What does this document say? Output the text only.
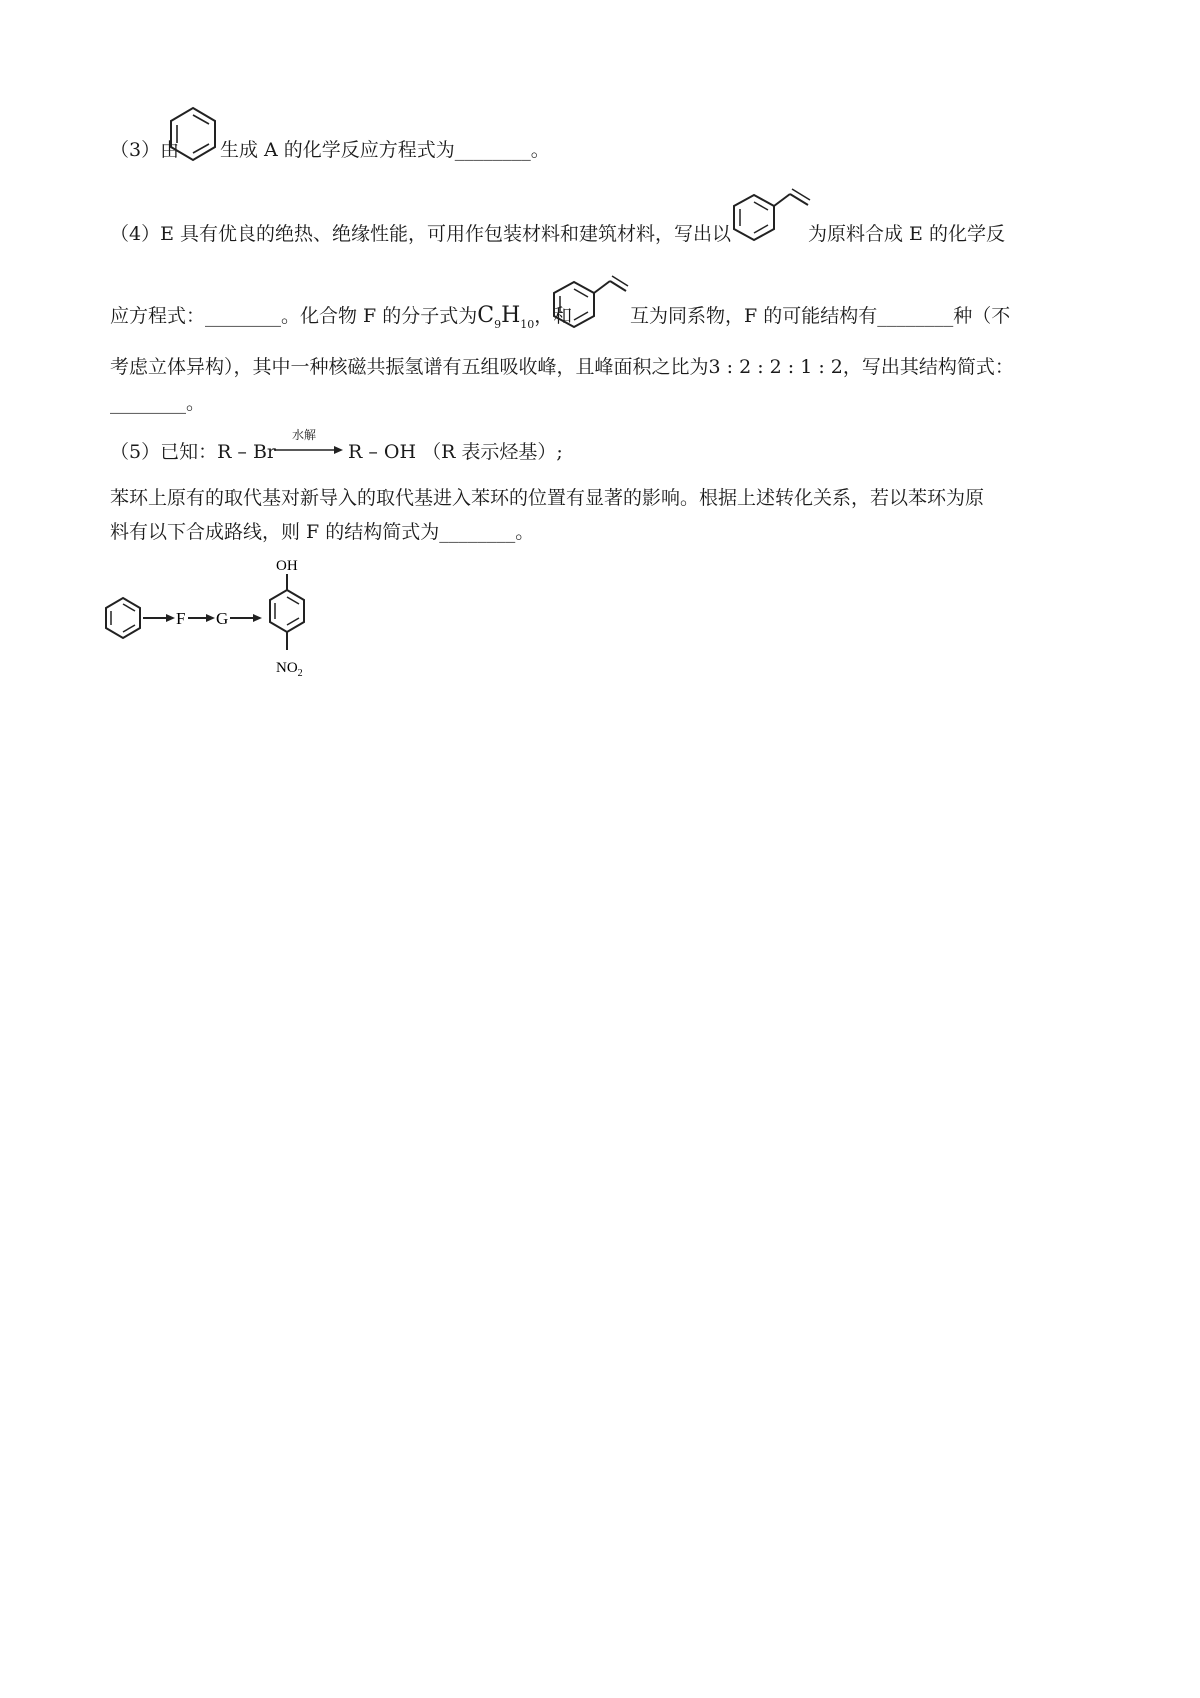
（3）由 生成 A 的化学反应方程式为________。
（4）E 具有优良的绝热、绝缘性能，可用作包装材料和建筑材料，写出以	为原料合成 E 的化学反
应方程式：________。化合物 F 的分子式为$C_9H_{10}$，和	互为同系物，F 的可能结构有________种（不
考虑立体异构），其中一种核磁共振氢谱有五组吸收峰，且峰面积之比为3 : 2 : 2 : 1 : 2，写出其结构简式：
________。
（5）已知：R – Br
水解
R – OH （R 表示烃基）;
苯环上原有的取代基对新导入的取代基进入苯环的位置有显著的影响。根据上述转化关系，若以苯环为原
料有以下合成路线，则 F 的结构简式为________。
F G
OH
$NO_2$
